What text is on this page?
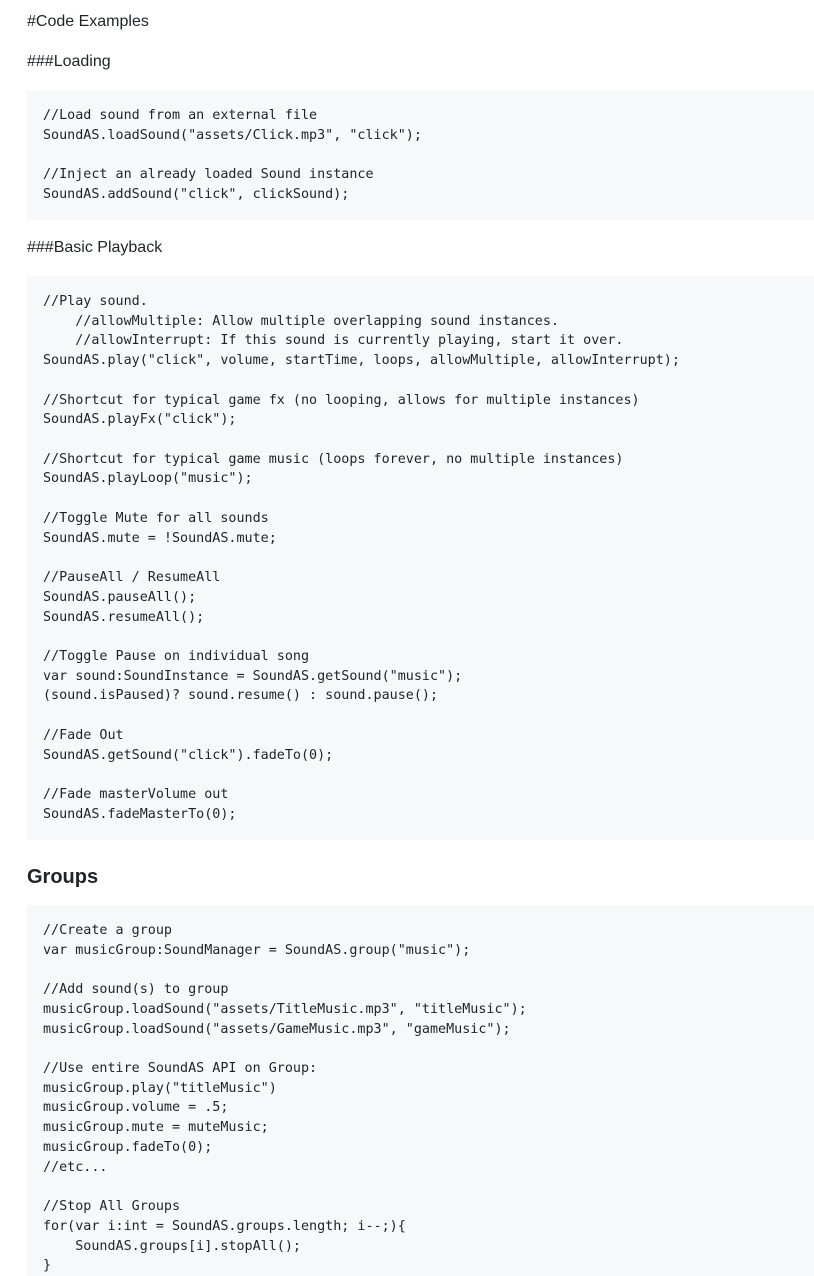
#Code Examples

###Loading

//Load sound from an external file
SoundAS.loadSound("assets/Click.mp3", "click");

//Inject an already loaded Sound instance
SoundAS.addSound("click", clickSound);

###Basic Playback

//Play sound.
//allowMultiple: Allow multiple overlapping sound instances.
//allowInterrupt: If this sound is currently playing, start it over.
SoundAS.play("click", volume, startTime, loops, allowMultiple, allowInterrupt);

//Shortcut for typical game fx (no looping, allows for multiple instances)
SoundAS.playFx("click");

//Shortcut for typical game music (loops forever, no multiple instances)
SoundAS.playLoop("music");

//Toggle Mute for all sounds
SoundAS.mute = !SoundAS.mute;

//PauseAll / ResumeAll
SoundAS.pauseAll();
SoundAS.resumeAll();

//Toggle Pause on individual song
var sound:SoundInstance = SoundAS.getSound("music");
(sound.isPaused)? sound.resume() : sound.pause();

//Fade Out
SoundAS.getSound("click").fadeTo(0);

//Fade masterVolume out
SoundAS.fadeMasterTo(0);
Groups
//Create a group
var musicGroup:SoundManager = SoundAS.group("music");

//Add sound(s) to group
musicGroup.loadSound("assets/TitleMusic.mp3", "titleMusic");
musicGroup.loadSound("assets/GameMusic.mp3", "gameMusic");

//Use entire SoundAS API on Group:
musicGroup.play("titleMusic")
musicGroup.volume = .5;
musicGroup.mute = muteMusic;
musicGroup.fadeTo(0);
//etc...

//Stop All Groups
for(var i:int = SoundAS.groups.length; i--;){
SoundAS.groups[i].stopAll();
}
